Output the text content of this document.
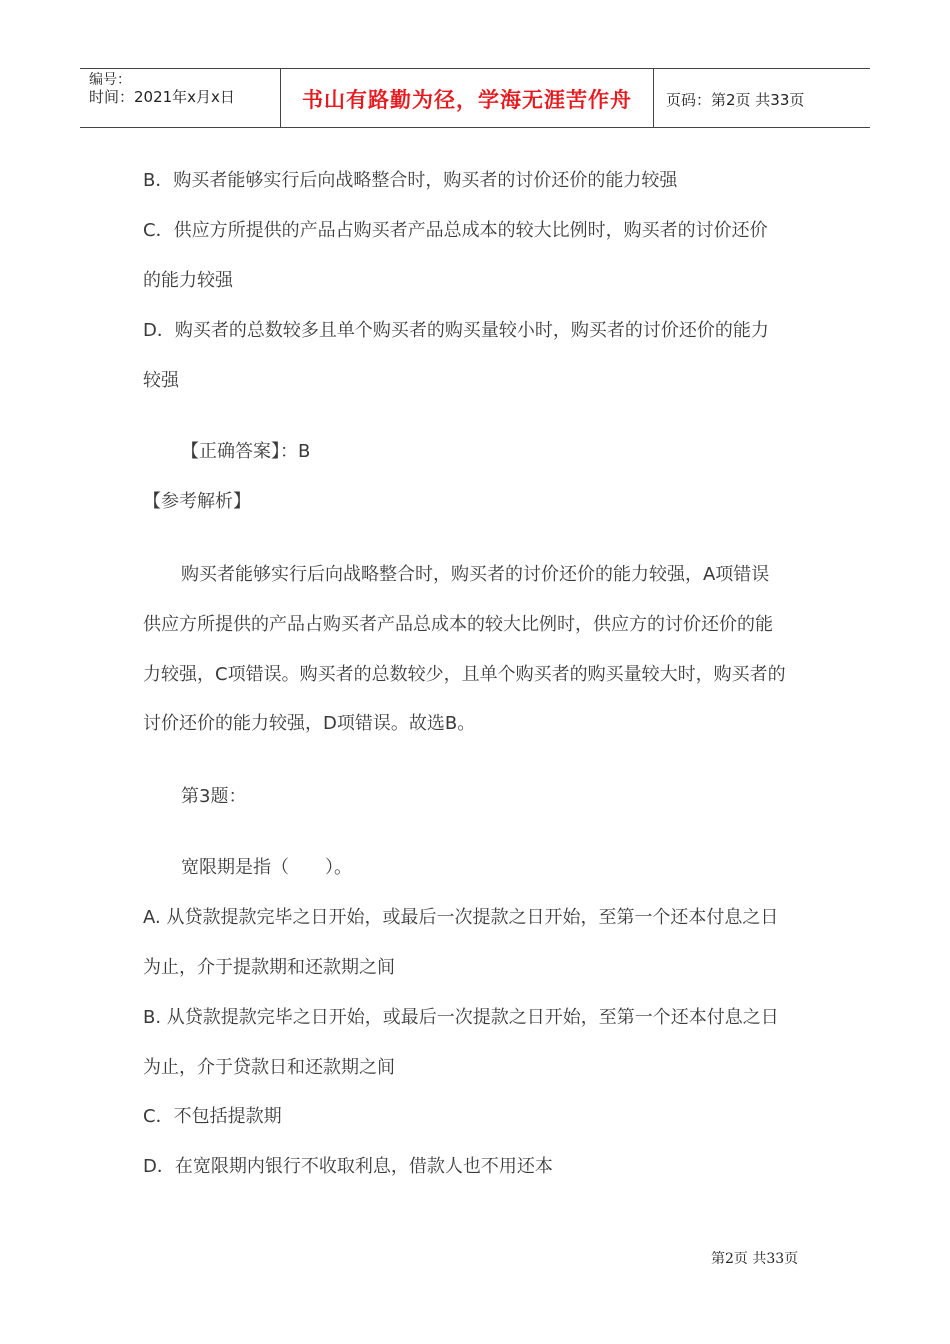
编号：
时间：2021年x月x日	书山有路勤为径，学海无涯苦作舟	页码：第2页 共33页
B．购买者能够实行后向战略整合时，购买者的讨价还价的能力较强
C．供应方所提供的产品占购买者产品总成本的较大比例时，购买者的讨价还价
的能力较强
D．购买者的总数较多且单个购买者的购买量较小时，购买者的讨价还价的能力
较强
【正确答案】：B
【参考解析】
购买者能够实行后向战略整合时，购买者的讨价还价的能力较强，A项错误
供应方所提供的产品占购买者产品总成本的较大比例时，供应方的讨价还价的能
力较强，C项错误。购买者的总数较少，且单个购买者的购买量较大时，购买者的
讨价还价的能力较强，D项错误。故选B。
第3题：
宽限期是指（　　）。
A. 从贷款提款完毕之日开始，或最后一次提款之日开始，至第一个还本付息之日
为止，介于提款期和还款期之间
B. 从贷款提款完毕之日开始，或最后一次提款之日开始，至第一个还本付息之日
为止，介于贷款日和还款期之间
C．不包括提款期
D．在宽限期内银行不收取利息，借款人也不用还本
第2页 共33页
